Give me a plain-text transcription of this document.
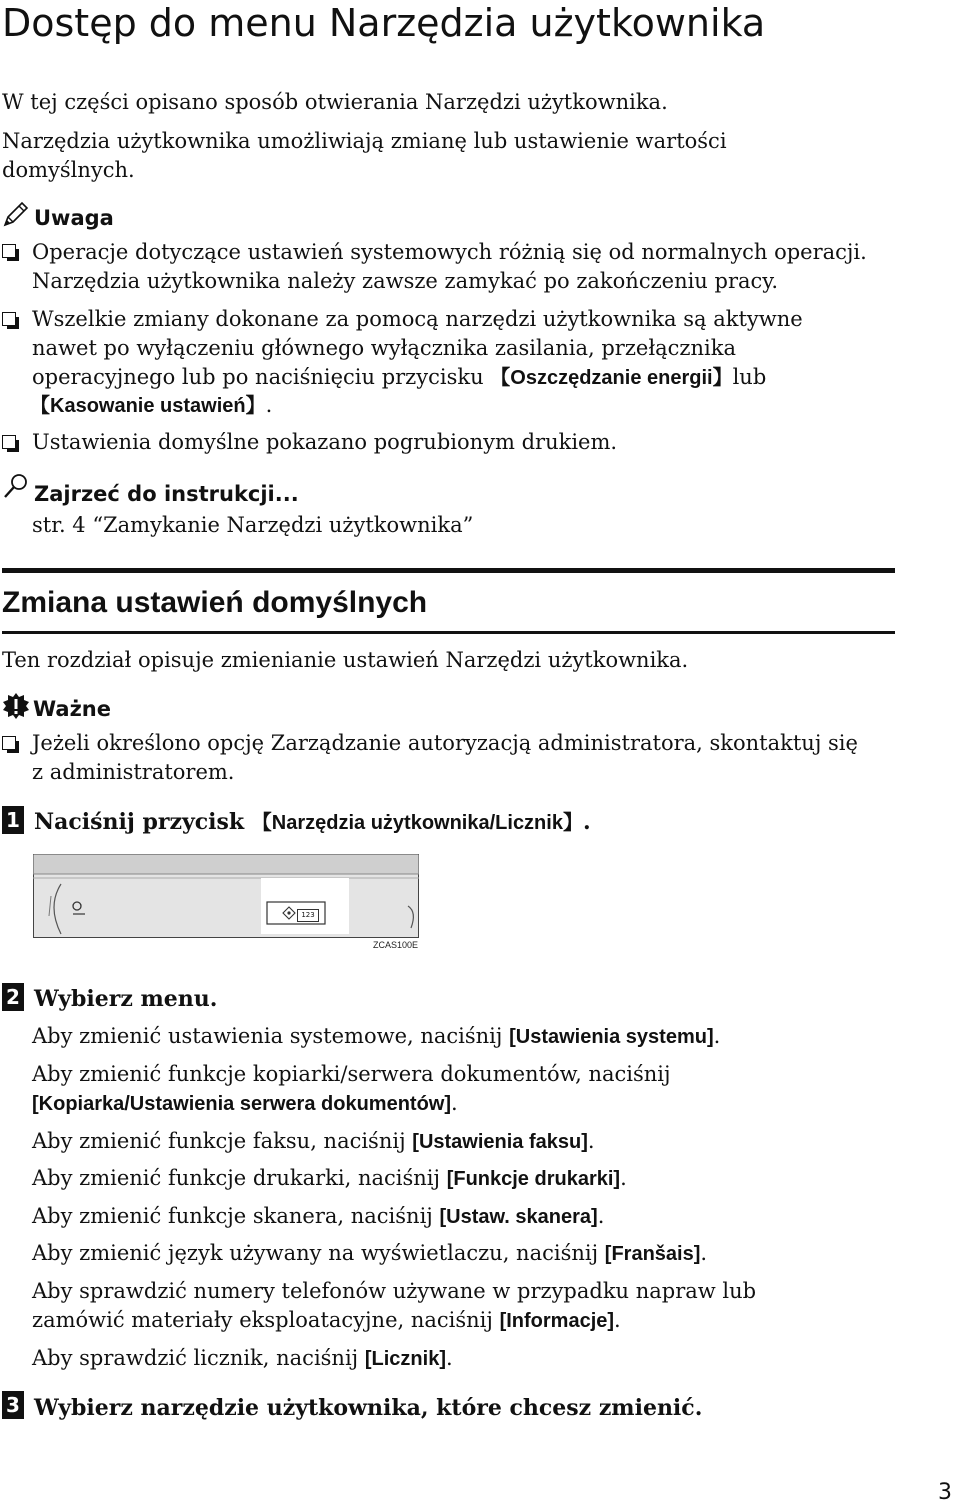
Dostęp do menu Narzędzia użytkownika
W tej części opisano sposób otwierania Narzędzi użytkownika.
Narzędzia użytkownika umożliwiają zmianę lub ustawienie wartości
domyślnych.
Uwaga
Operacje dotyczące ustawień systemowych różnią się od normalnych operacji.
Narzędzia użytkownika należy zawsze zamykać po zakończeniu pracy.
Wszelkie zmiany dokonane za pomocą narzędzi użytkownika są aktywne
nawet po wyłączeniu głównego wyłącznika zasilania, przełącznika
operacyjnego lub po naciśnięciu przycisku 【Oszczędzanie energii】lub
【Kasowanie ustawień】.
Ustawienia domyślne pokazano pogrubionym drukiem.
Zajrzeć do instrukcji...
str. 4 “Zamykanie Narzędzi użytkownika”
Zmiana ustawień domyślnych
Ten rozdział opisuje zmienianie ustawień Narzędzi użytkownika.
Ważne
Jeżeli określono opcję Zarządzanie autoryzacją administratora, skontaktuj się
z administratorem.
1 Naciśnij przycisk 【Narzędzia użytkownika/Licznik】.
123
ZCAS100E
2 Wybierz menu.
Aby zmienić ustawienia systemowe, naciśnij [Ustawienia systemu].
Aby zmienić funkcje kopiarki/serwera dokumentów, naciśnij
[Kopiarka/Ustawienia serwera dokumentów].
Aby zmienić funkcje faksu, naciśnij [Ustawienia faksu].
Aby zmienić funkcje drukarki, naciśnij [Funkcje drukarki].
Aby zmienić funkcje skanera, naciśnij [Ustaw. skanera].
Aby zmienić język używany na wyświetlaczu, naciśnij [Franšais].
Aby sprawdzić numery telefonów używane w przypadku napraw lub
zamówić materiały eksploatacyjne, naciśnij [Informacje].
Aby sprawdzić licznik, naciśnij [Licznik].
3 Wybierz narzędzie użytkownika, które chcesz zmienić.
3
